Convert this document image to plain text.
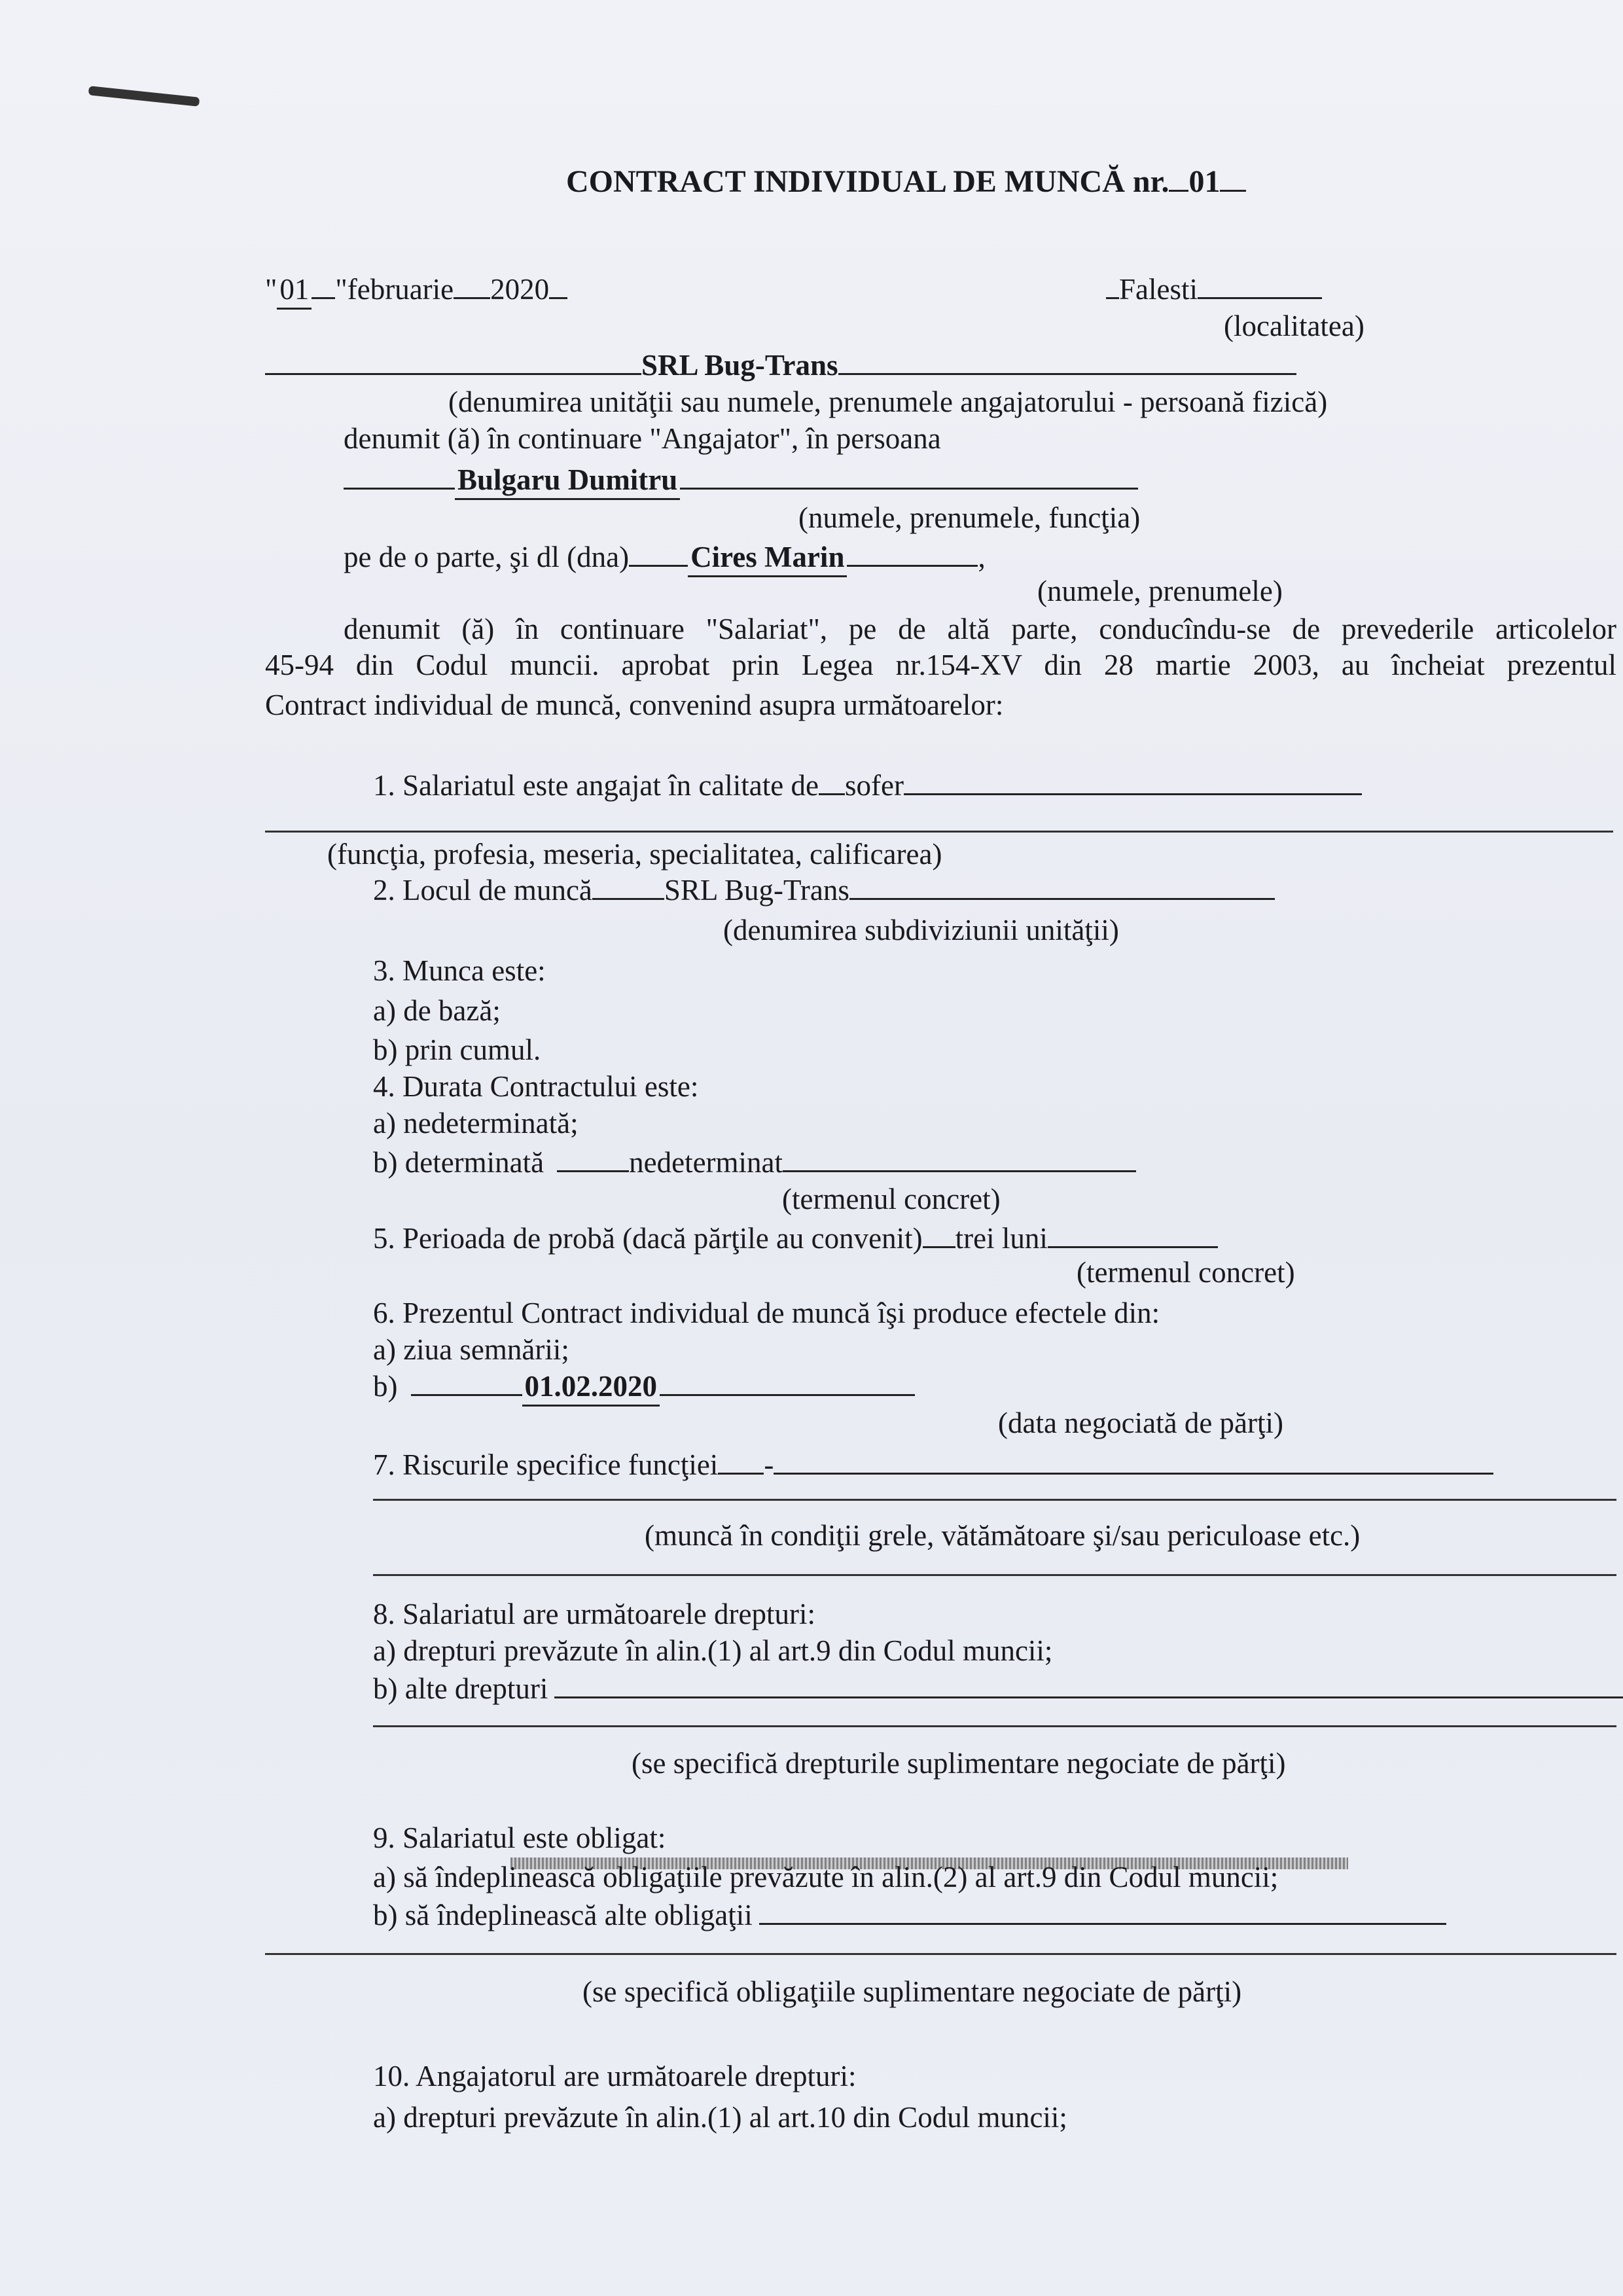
CONTRACT INDIVIDUAL DE MUNCĂ nr. 01
"01 "februarie 2020	Falesti
(localitatea)
SRL Bug-Trans
(denumirea unităţii sau numele, prenumele angajatorului - persoană fizică)
denumit (ă) în continuare "Angajator", în persoana
Bulgaru Dumitru
(numele, prenumele, funcţia)
pe de o parte, şi dl (dna) Cires Marin	,
(numele, prenumele)
denumit (ă) în continuare "Salariat", pe de altă parte, conducîndu-se de prevederile articolelor
45-94 din Codul muncii. aprobat prin Legea nr.154-XV din 28 martie 2003, au încheiat prezentul
Contract individual de muncă, convenind asupra următoarelor:
1. Salariatul este angajat în calitate de sofer
(funcţia, profesia, meseria, specialitatea, calificarea)
2. Locul de muncă SRL Bug-Trans
(denumirea subdiviziunii unităţii)
3. Munca este:
a) de bază;
b) prin cumul.
4. Durata Contractului este:
a) nedeterminată;
b) determinată	nedeterminat
(termenul concret)
5. Perioada de probă (dacă părţile au convenit) trei luni
(termenul concret)
6. Prezentul Contract individual de muncă îşi produce efectele din:
a) ziua semnării;
b)	01.02.2020
(data negociată de părţi)
7. Riscurile specifice funcţiei -
(muncă în condiţii grele, vătămătoare şi/sau periculoase etc.)
8. Salariatul are următoarele drepturi:
a) drepturi prevăzute în alin.(1) al art.9 din Codul muncii;
b) alte drepturi
(se specifică drepturile suplimentare negociate de părţi)
9. Salariatul este obligat:
a) să îndeplinească obligaţiile prevăzute în alin.(2) al art.9 din Codul muncii;
b) să îndeplinească alte obligaţii
(se specifică obligaţiile suplimentare negociate de părţi)
10. Angajatorul are următoarele drepturi:
a) drepturi prevăzute în alin.(1) al art.10 din Codul muncii;
